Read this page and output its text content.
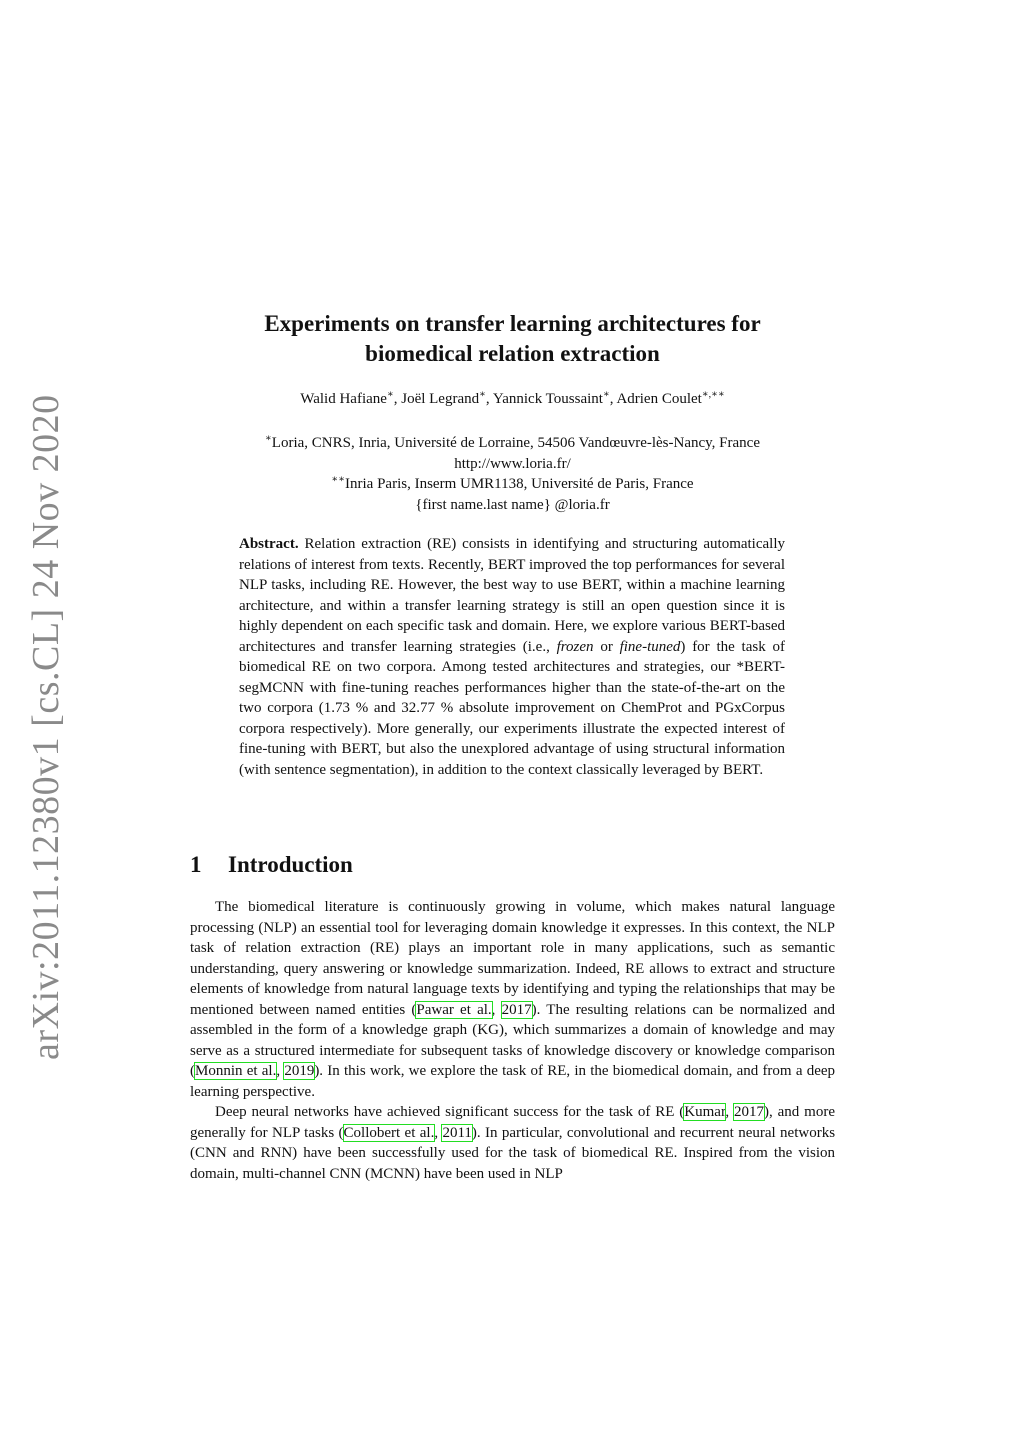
arXiv:2011.12380v1 [cs.CL] 24 Nov 2020
Experiments on transfer learning architectures for
biomedical relation extraction
Walid Hafiane∗, Joël Legrand∗, Yannick Toussaint∗, Adrien Coulet∗,∗∗
∗Loria, CNRS, Inria, Université de Lorraine, 54506 Vandœuvre-lès-Nancy, France
http://www.loria.fr/
∗∗Inria Paris, Inserm UMR1138, Université de Paris, France
{first name.last name} @loria.fr
Abstract. Relation extraction (RE) consists in identifying and structuring automatically relations of interest from texts. Recently, BERT improved the top performances for several NLP tasks, including RE. However, the best way to use BERT, within a machine learning architecture, and within a transfer learning strategy is still an open question since it is highly dependent on each specific task and domain. Here, we explore various BERT-based architectures and transfer learning strategies (i.e., frozen or fine-tuned) for the task of biomedical RE on two corpora. Among tested architectures and strategies, our *BERT-segMCNN with fine-tuning reaches performances higher than the state-of-the-art on the two corpora (1.73 % and 32.77 % absolute improvement on ChemProt and PGxCorpus corpora respectively). More generally, our experiments illustrate the expected interest of fine-tuning with BERT, but also the unexplored advantage of using structural information (with sentence segmentation), in addition to the context classically leveraged by BERT.
1 Introduction

The biomedical literature is continuously growing in volume, which makes natural language processing (NLP) an essential tool for leveraging domain knowledge it expresses. In this context, the NLP task of relation extraction (RE) plays an important role in many applications, such as semantic understanding, query answering or knowledge summarization. Indeed, RE allows to extract and structure elements of knowledge from natural language texts by identifying and typing the relationships that may be mentioned between named entities (Pawar et al., 2017). The resulting relations can be normalized and assembled in the form of a knowledge graph (KG), which summarizes a domain of knowledge and may serve as a structured intermediate for subsequent tasks of knowledge discovery or knowledge comparison (Monnin et al., 2019). In this work, we explore the task of RE, in the biomedical domain, and from a deep learning perspective.

Deep neural networks have achieved significant success for the task of RE (Kumar, 2017), and more generally for NLP tasks (Collobert et al., 2011). In particular, convolutional and recurrent neural networks (CNN and RNN) have been successfully used for the task of biomedical RE. Inspired from the vision domain, multi-channel CNN (MCNN) have been used in NLP
